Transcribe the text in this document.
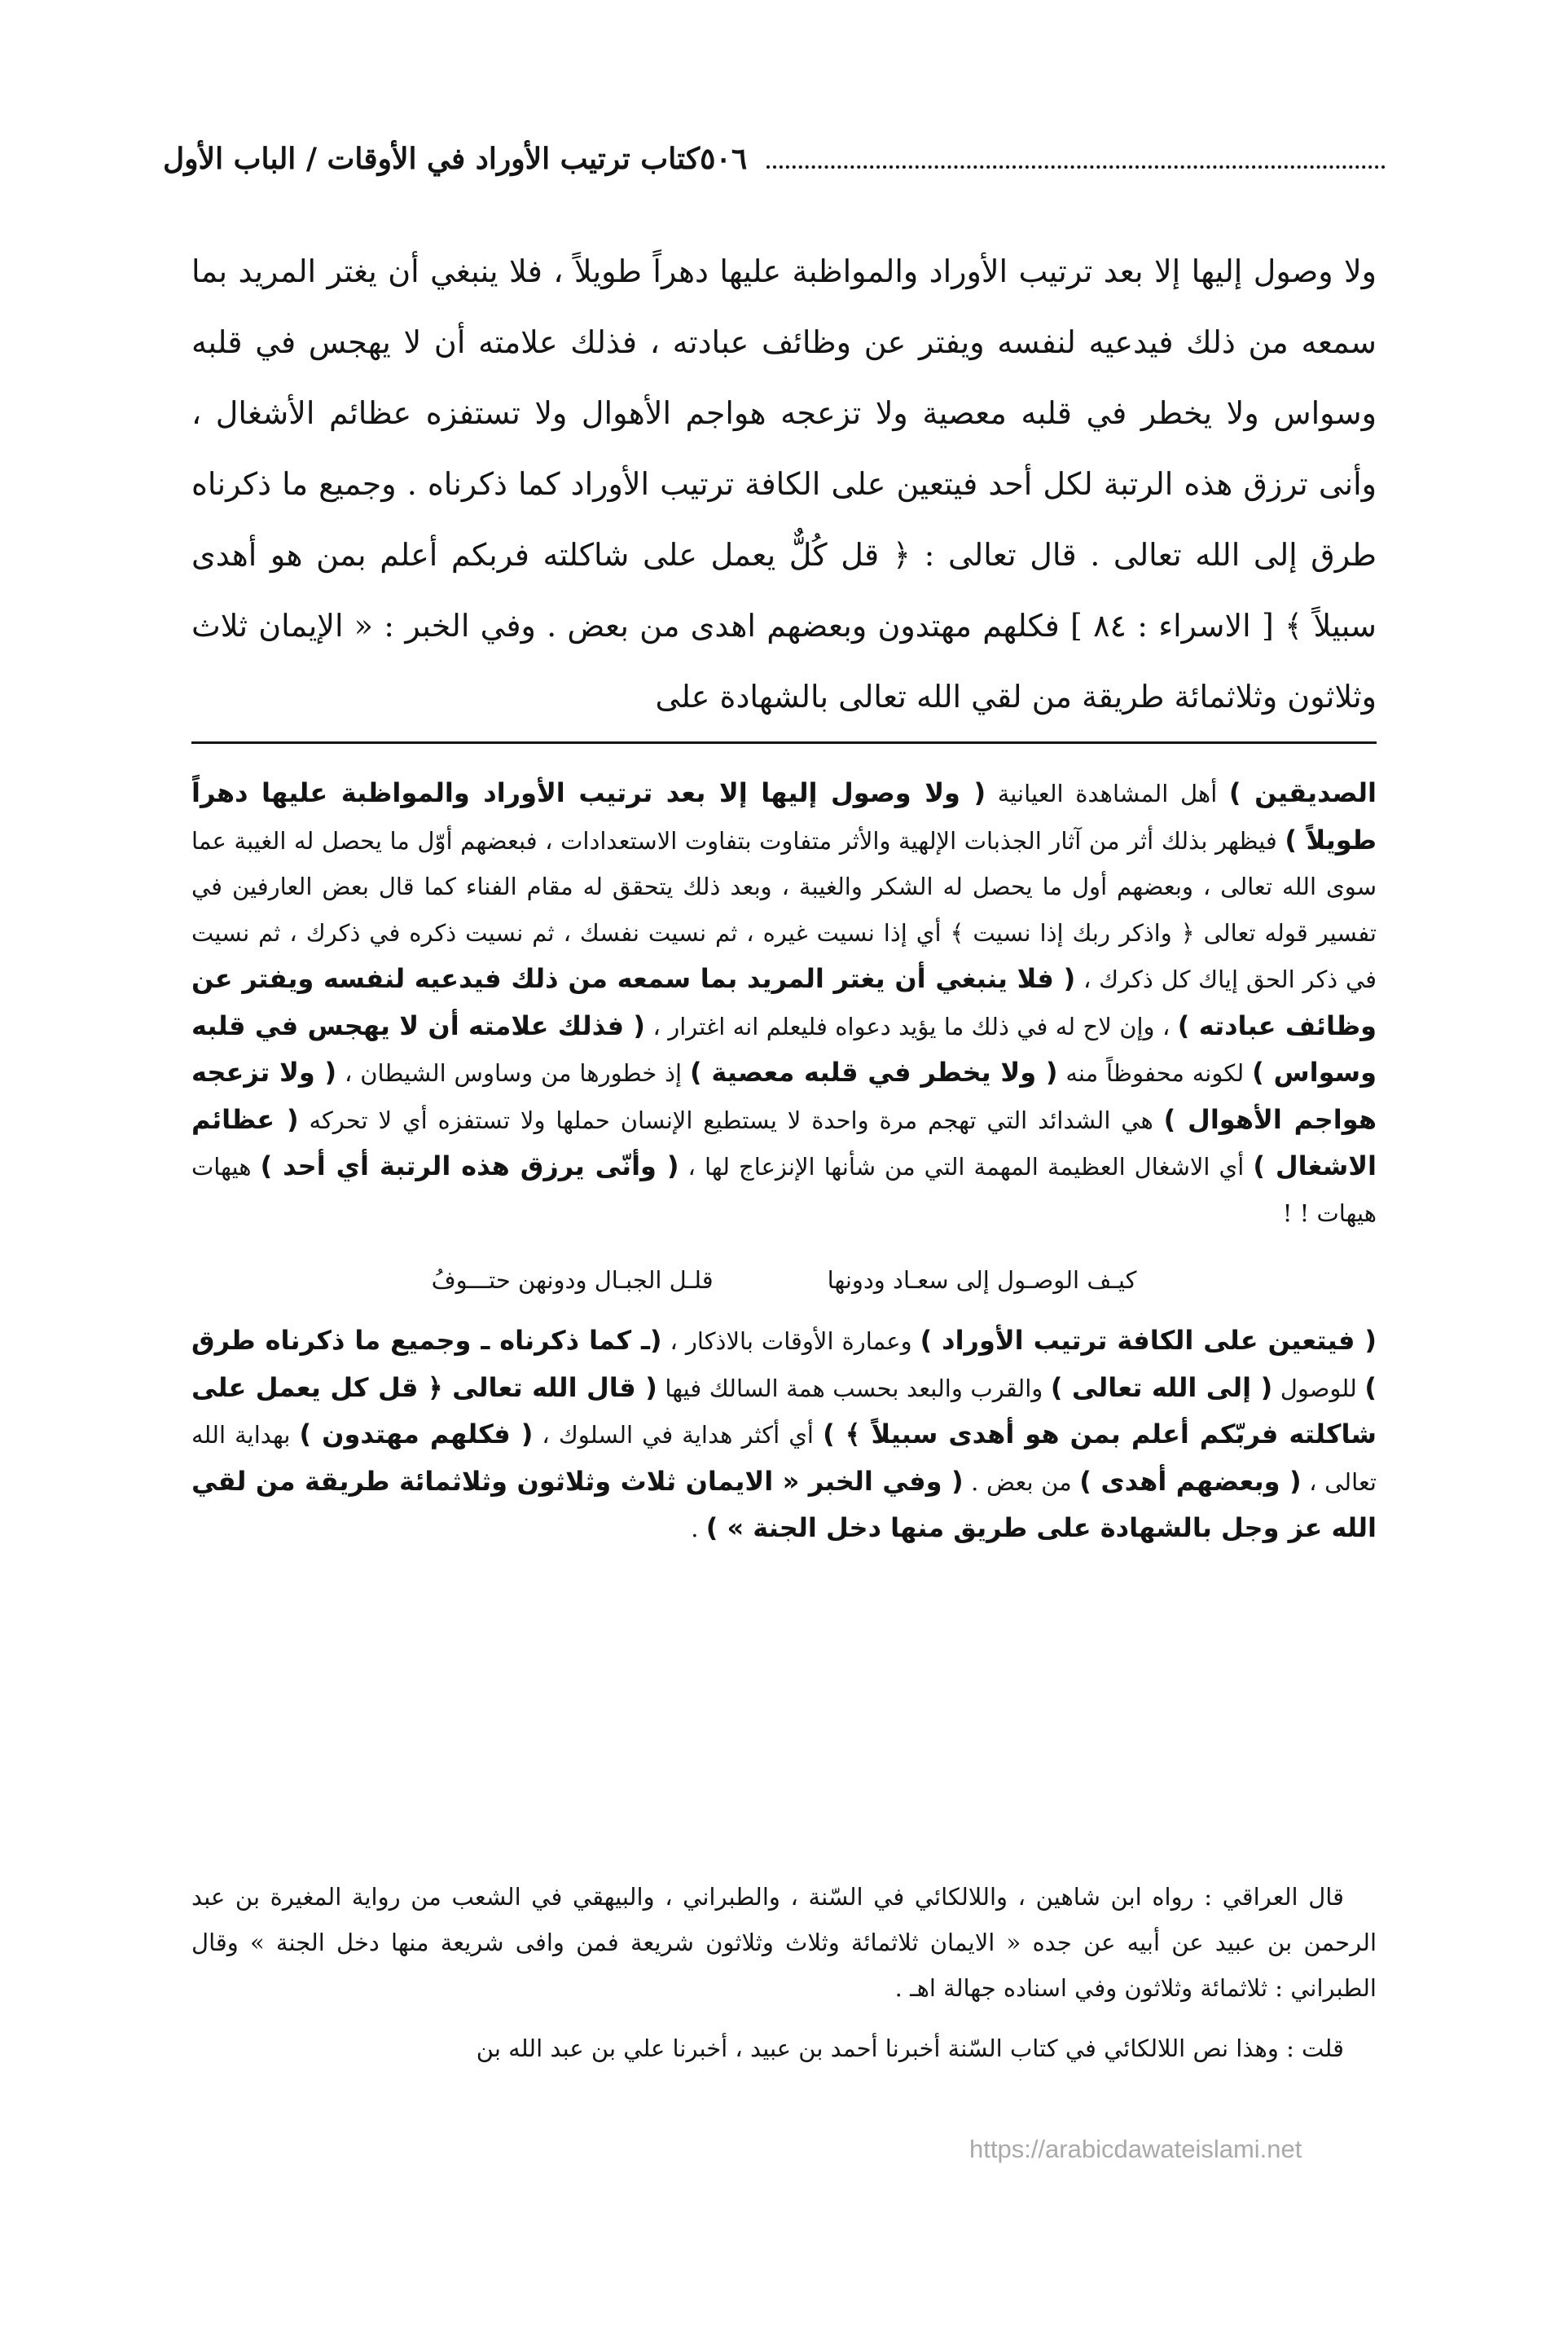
كتاب ترتيب الأوراد في الأوقات / الباب الأول ٥٠٦

ولا وصول إليها إلا بعد ترتيب الأوراد والمواظبة عليها دهراً طويلاً ، فلا ينبغي أن يغتر المريد بما سمعه من ذلك فيدعيه لنفسه ويفتر عن وظائف عبادته ، فذلك علامته أن لا يهجس في قلبه وسواس ولا يخطر في قلبه معصية ولا تزعجه هواجم الأهوال ولا تستفزه عظائم الأشغال ، وأنى ترزق هذه الرتبة لكل أحد فيتعين على الكافة ترتيب الأوراد كما ذكرناه . وجميع ما ذكرناه طرق إلى الله تعالى . قال تعالى : ﴿ قل كُلٌّ يعمل على شاكلته فربكم أعلم بمن هو أهدى سبيلاً ﴾ [ الاسراء : ٨٤ ] فكلهم مهتدون وبعضهم اهدى من بعض . وفي الخبر : « الإيمان ثلاث وثلاثون وثلاثمائة طريقة من لقي الله تعالى بالشهادة على

الصديقين ) أهل المشاهدة العيانية ( ولا وصول إليها إلا بعد ترتيب الأوراد والمواظبة عليها دهراً طويلاً ) فيظهر بذلك أثر من آثار الجذبات الإلهية والأثر متفاوت بتفاوت الاستعدادات ، فبعضهم أوّل ما يحصل له الغيبة عما سوى الله تعالى ، وبعضهم أول ما يحصل له الشكر والغيبة ، وبعد ذلك يتحقق له مقام الفناء كما قال بعض العارفين في تفسير قوله تعالى ﴿ واذكر ربك إذا نسيت ﴾ أي إذا نسيت غيره ، ثم نسيت نفسك ، ثم نسيت ذكره في ذكرك ، ثم نسيت في ذكر الحق إياك كل ذكرك ، ( فلا ينبغي أن يغتر المريد بما سمعه من ذلك فيدعيه لنفسه ويفتر عن وظائف عبادته ) ، وإن لاح له في ذلك ما يؤيد دعواه فليعلم انه اغترار ، ( فذلك علامته أن لا يهجس في قلبه وسواس ) لكونه محفوظاً منه ( ولا يخطر في قلبه معصية ) إذ خطورها من وساوس الشيطان ، ( ولا تزعجه هواجم الأهوال ) هي الشدائد التي تهجم مرة واحدة لا يستطيع الإنسان حملها ولا تستفزه أي لا تحركه ( عظائم الاشغال ) أي الاشغال العظيمة المهمة التي من شأنها الإنزعاج لها ، ( وأنّى يرزق هذه الرتبة أي أحد ) هيهات هيهات ! !

كيـف الوصـول إلى سعـاد ودونها
قلـل الجبـال ودونهن حتـــوفُ

( فيتعين على الكافة ترتيب الأوراد ) وعمارة الأوقات بالاذكار ، (ـ كما ذكرناه ـ وجميع ما ذكرناه طرق ) للوصول ( إلى الله تعالى ) والقرب والبعد بحسب همة السالك فيها ( قال الله تعالى ﴿ قل كل يعمل على شاكلته فربّكم أعلم بمن هو أهدى سبيلاً ﴾ ) أي أكثر هداية في السلوك ، ( فكلهم مهتدون ) بهداية الله تعالى ، ( وبعضهم أهدى ) من بعض . ( وفي الخبر « الايمان ثلاث وثلاثون وثلاثمائة طريقة من لقي الله عز وجل بالشهادة على طريق منها دخل الجنة » ) .

قال العراقي : رواه ابن شاهين ، واللالكائي في السّنة ، والطبراني ، والبيهقي في الشعب من رواية المغيرة بن عبد الرحمن بن عبيد عن أبيه عن جده « الايمان ثلاثمائة وثلاث وثلاثون شريعة فمن وافى شريعة منها دخل الجنة » وقال الطبراني : ثلاثمائة وثلاثون وفي اسناده جهالة اهـ .

قلت : وهذا نص اللالكائي في كتاب السّنة أخبرنا أحمد بن عبيد ، أخبرنا علي بن عبد الله بن

https://arabicdawateislami.net
